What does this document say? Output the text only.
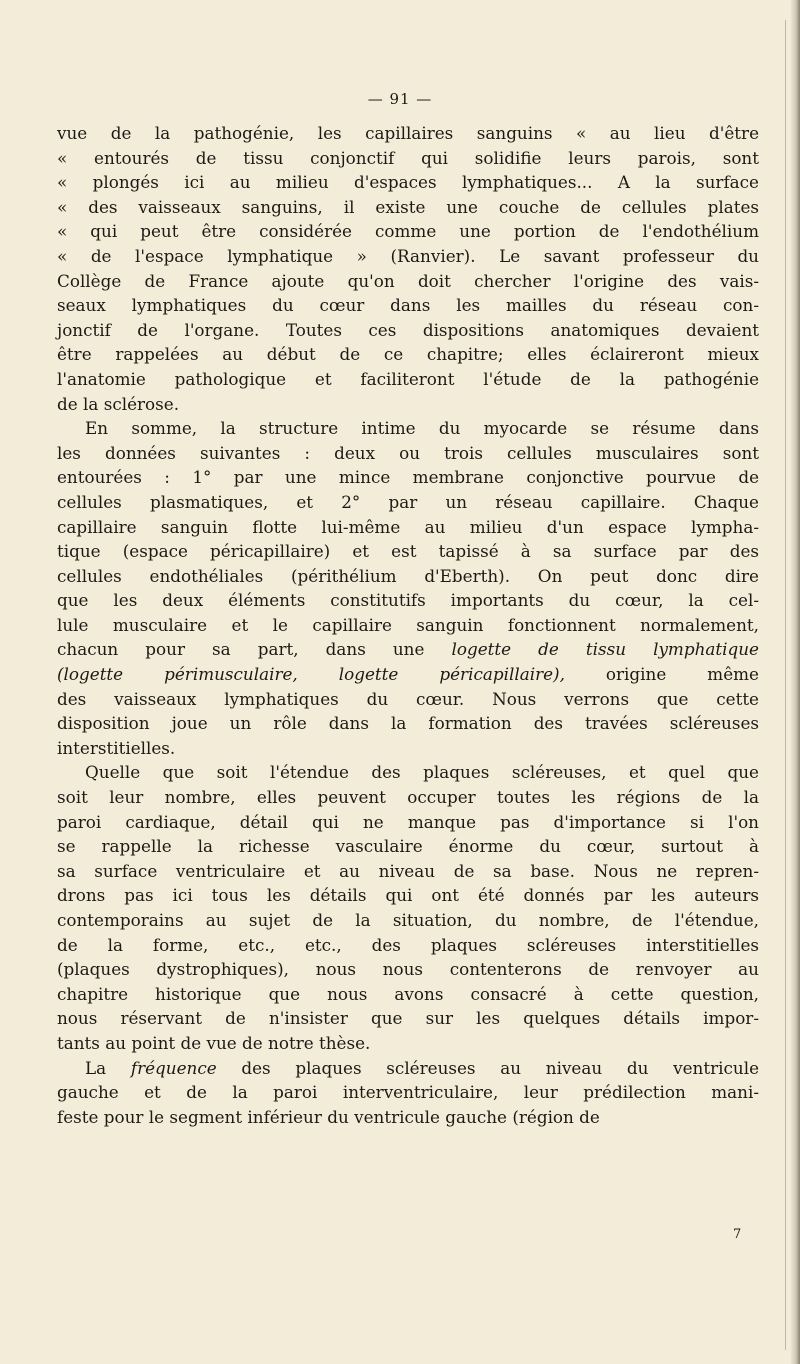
— 91 —
vue de la pathogénie, les capillaires sanguins « au lieu d'être
« entourés de tissu conjonctif qui solidifie leurs parois, sont
« plongés ici au milieu d'espaces lymphatiques... A la surface
« des vaisseaux sanguins, il existe une couche de cellules plates
« qui peut être considérée comme une portion de l'endothélium
« de l'espace lymphatique » (Ranvier). Le savant professeur du
Collège de France ajoute qu'on doit chercher l'origine des vais-
seaux lymphatiques du cœur dans les mailles du réseau con-
jonctif de l'organe. Toutes ces dispositions anatomiques devaient
être rappelées au début de ce chapitre; elles éclaireront mieux
l'anatomie pathologique et faciliteront l'étude de la pathogénie
de la sclérose.
En somme, la structure intime du myocarde se résume dans
les données suivantes : deux ou trois cellules musculaires sont
entourées : 1° par une mince membrane conjonctive pourvue de
cellules plasmatiques, et 2° par un réseau capillaire. Chaque
capillaire sanguin flotte lui-même au milieu d'un espace lympha-
tique (espace péricapillaire) et est tapissé à sa surface par des
cellules endothéliales (périthélium d'Eberth). On peut donc dire
que les deux éléments constitutifs importants du cœur, la cel-
lule musculaire et le capillaire sanguin fonctionnent normalement,
chacun pour sa part, dans une logette de tissu lymphatique
(logette périmusculaire, logette péricapillaire), origine même
des vaisseaux lymphatiques du cœur. Nous verrons que cette
disposition joue un rôle dans la formation des travées scléreuses
interstitielles.
Quelle que soit l'étendue des plaques scléreuses, et quel que
soit leur nombre, elles peuvent occuper toutes les régions de la
paroi cardiaque, détail qui ne manque pas d'importance si l'on
se rappelle la richesse vasculaire énorme du cœur, surtout à
sa surface ventriculaire et au niveau de sa base. Nous ne repren-
drons pas ici tous les détails qui ont été donnés par les auteurs
contemporains au sujet de la situation, du nombre, de l'étendue,
de la forme, etc., etc., des plaques scléreuses interstitielles
(plaques dystrophiques), nous nous contenterons de renvoyer au
chapitre historique que nous avons consacré à cette question,
nous réservant de n'insister que sur les quelques détails impor-
tants au point de vue de notre thèse.
La fréquence des plaques scléreuses au niveau du ventricule
gauche et de la paroi interventriculaire, leur prédilection mani-
feste pour le segment inférieur du ventricule gauche (région de
7
